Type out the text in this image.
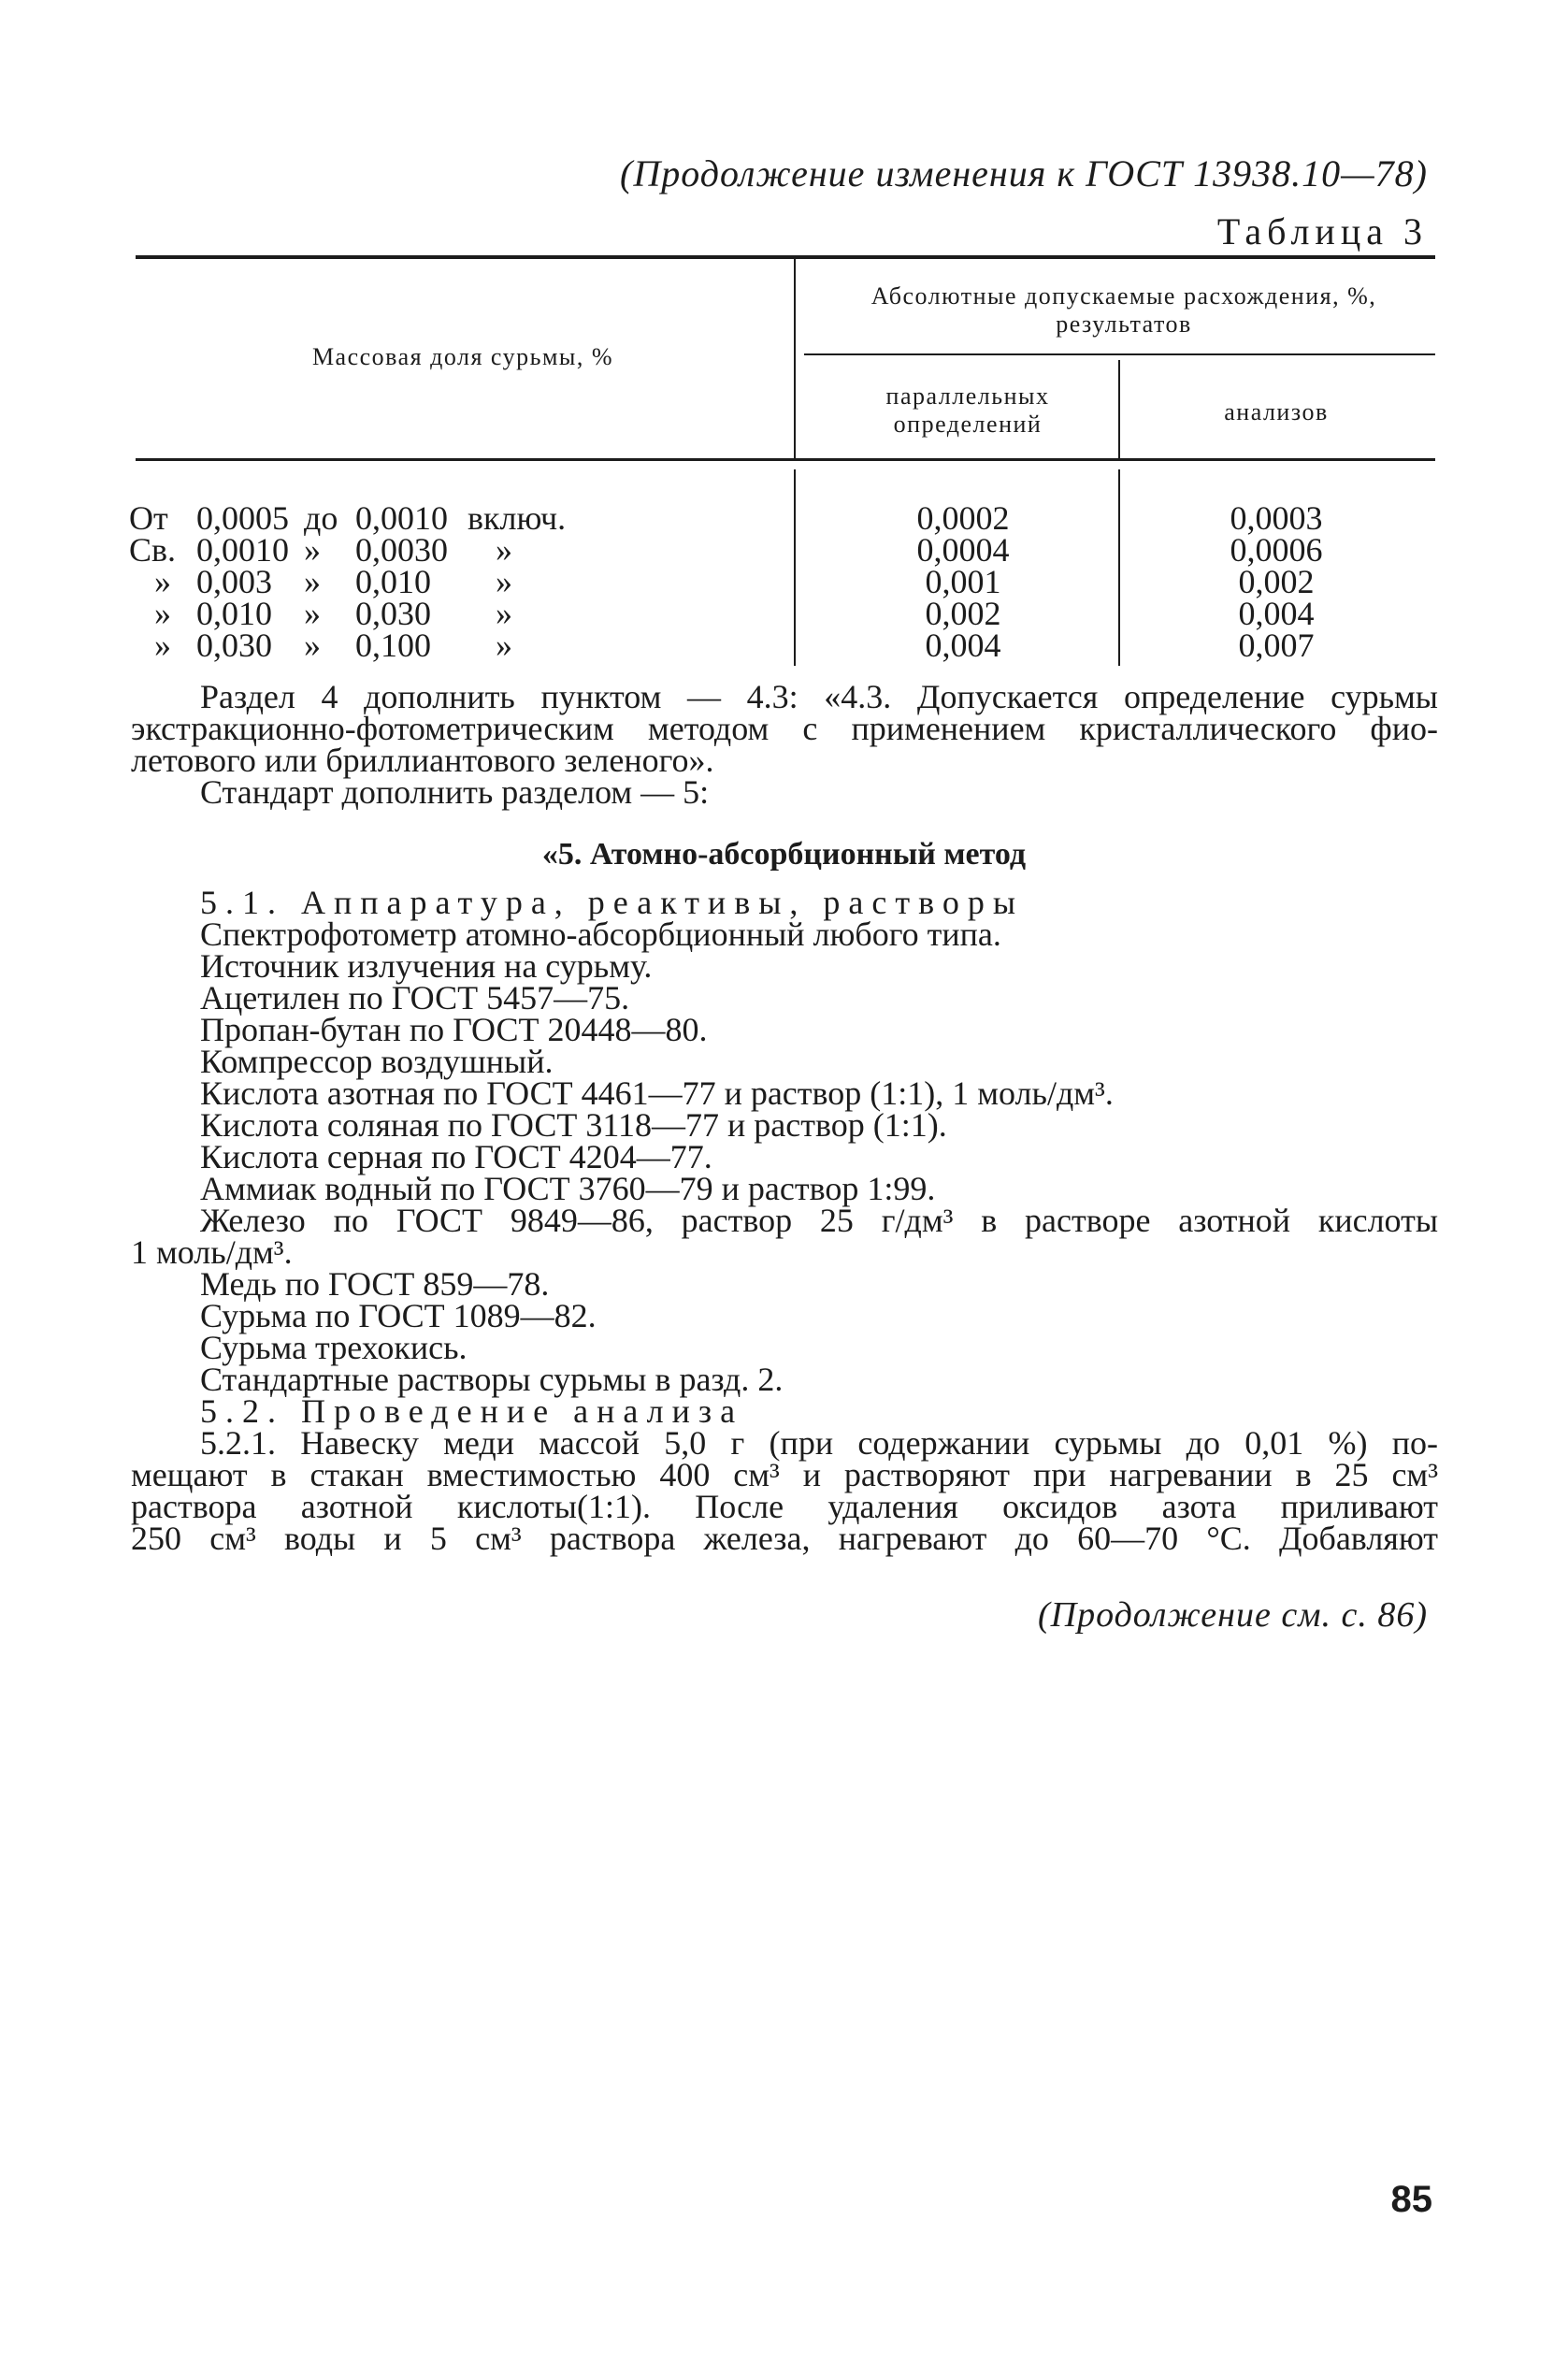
(Продолжение изменения к ГОСТ 13938.10—78)
Таблица 3
Массовая доля сурьмы, %
Абсолютные допускаемые расхождения, %, результатов
параллельных определений	анализов
От 0,0005 до 0,0010 включ.	0,0002	0,0003
Св. 0,0010 » 0,0030 »	0,0004	0,0006
» 0,003 » 0,010 »	0,001	0,002
» 0,010 » 0,030 »	0,002	0,004
» 0,030 » 0,100 »	0,004	0,007

Раздел 4 дополнить пунктом — 4.3: «4.3. Допускается определение сурьмы

экстракционно-фотометрическим методом с применением кристаллического фио-

летового или бриллиантового зеленого».

Стандарт дополнить разделом — 5:

«5. Атомно-абсорбционный метод

5.1. Аппаратура, реактивы, растворы

Спектрофотометр атомно-абсорбционный любого типа.

Источник излучения на сурьму.

Ацетилен по ГОСТ 5457—75.

Пропан-бутан по ГОСТ 20448—80.

Компрессор воздушный.

Кислота азотная по ГОСТ 4461—77 и раствор (1:1), 1 моль/дм³.

Кислота соляная по ГОСТ 3118—77 и раствор (1:1).

Кислота серная по ГОСТ 4204—77.

Аммиак водный по ГОСТ 3760—79 и раствор 1:99.

Железо по ГОСТ 9849—86, раствор 25 г/дм³ в растворе азотной кислоты

1 моль/дм³.

Медь по ГОСТ 859—78.

Сурьма по ГОСТ 1089—82.

Сурьма трехокись.

Стандартные растворы сурьмы в разд. 2.

5.2. Проведение анализа

5.2.1. Навеску меди массой 5,0 г (при содержании сурьмы до 0,01 %) по-

мещают в стакан вместимостью 400 см³ и растворяют при нагревании в 25 см³

раствора азотной кислоты(1:1). После удаления оксидов азота приливают

250 см³ воды и 5 см³ раствора железа, нагревают до 60—70 °С. Добавляют

(Продолжение см. с. 86)
85
